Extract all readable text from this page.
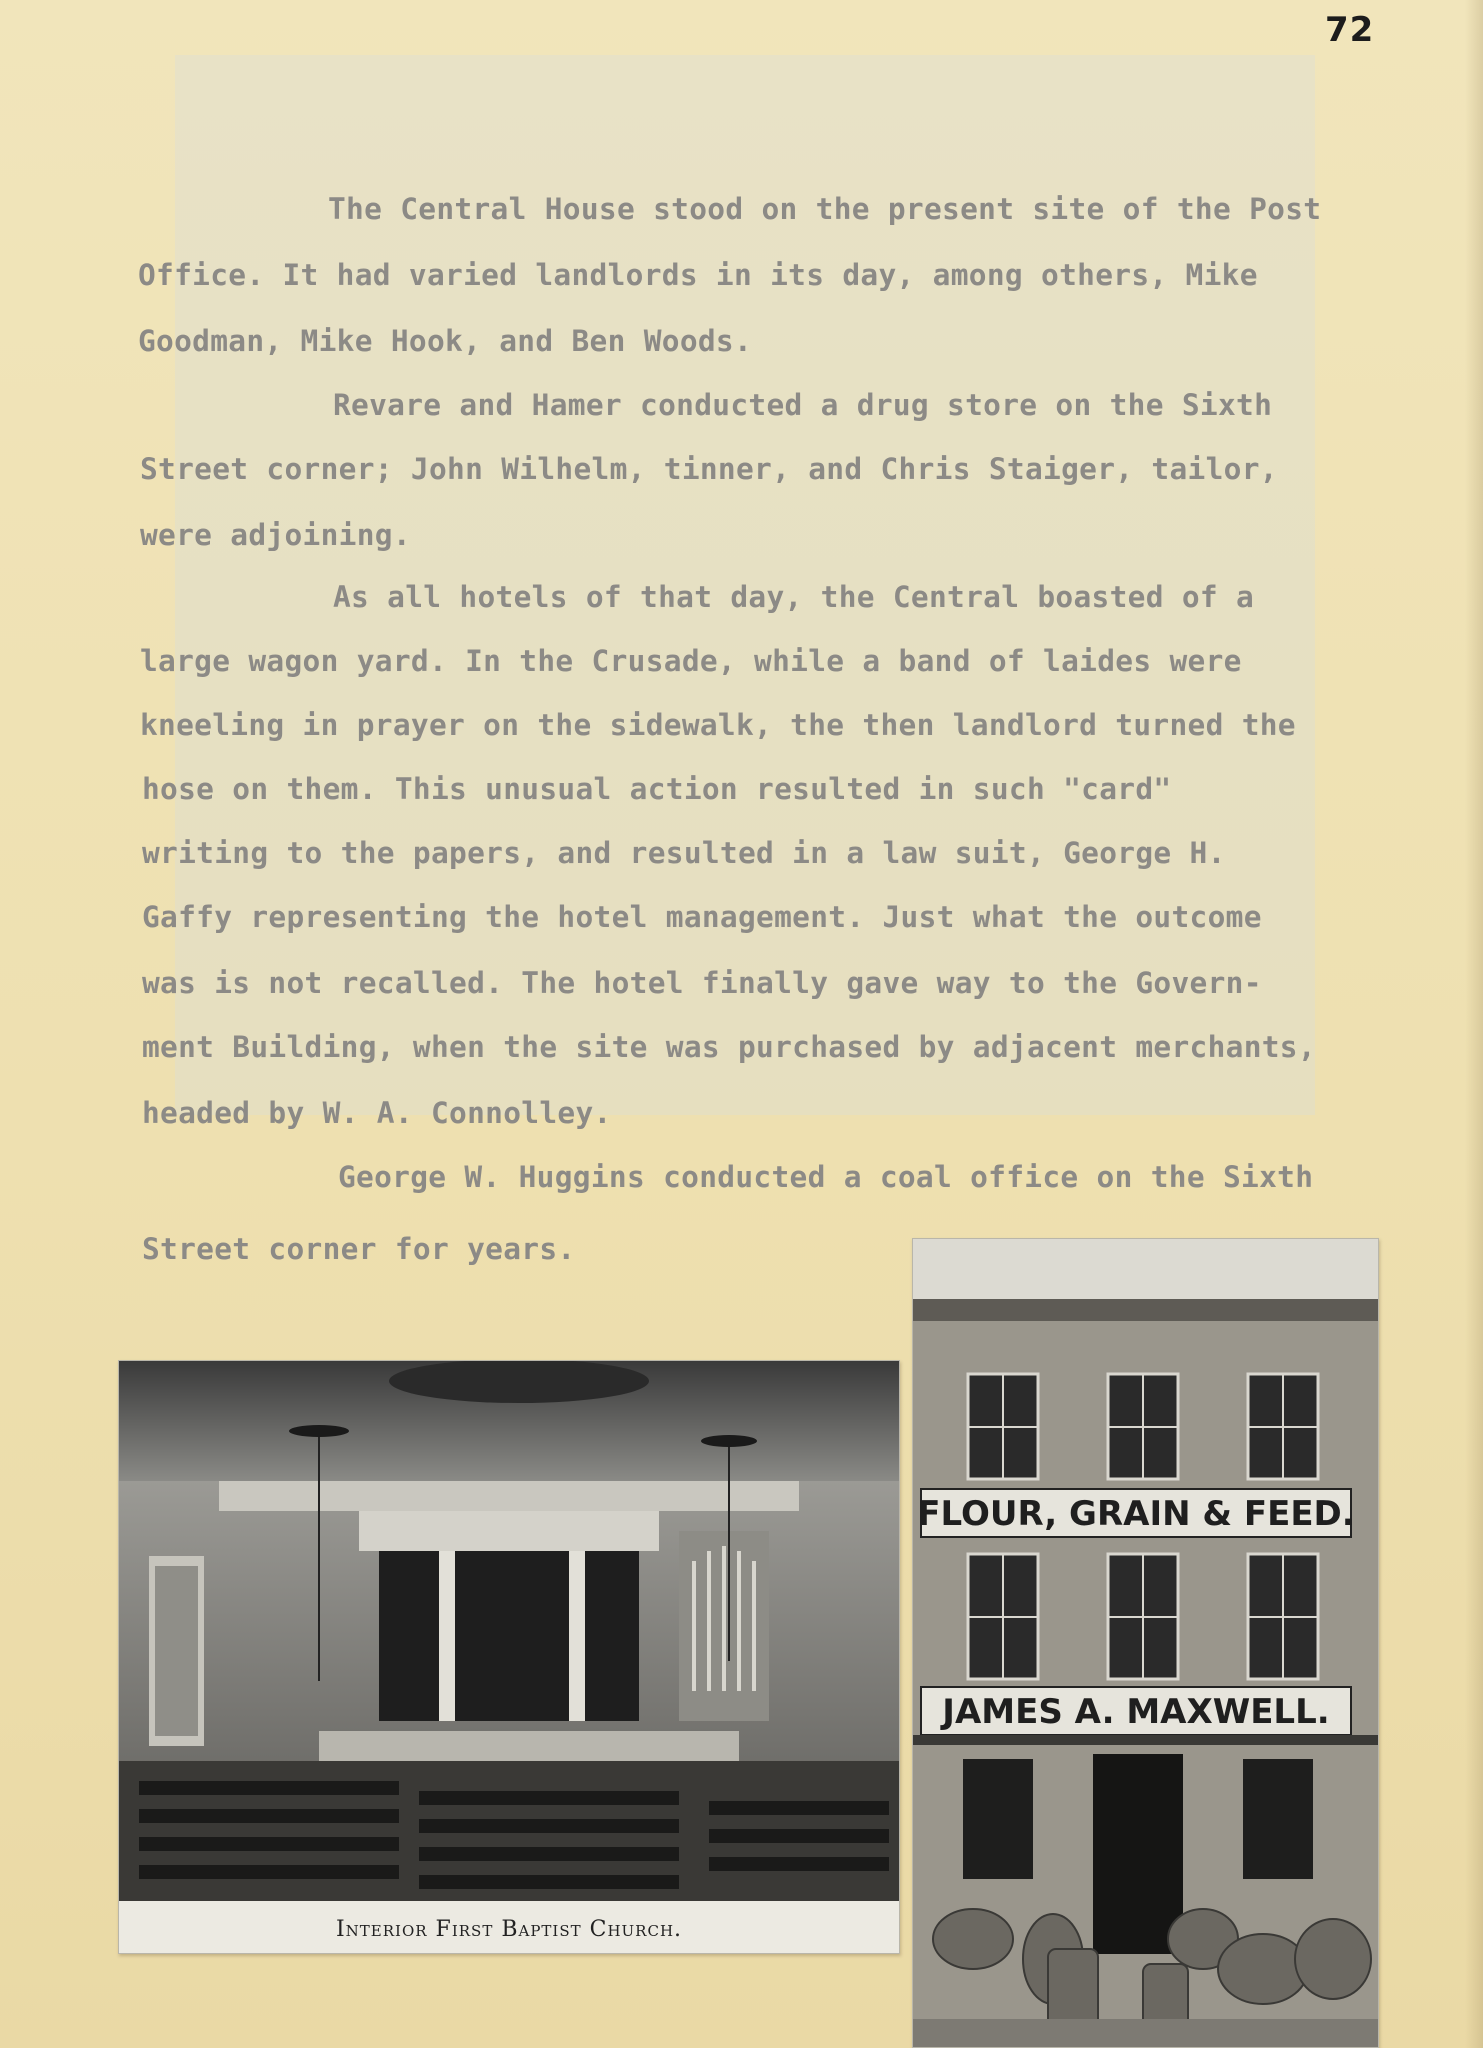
72
The Central House stood on the present site of the Post
Office. It had varied landlords in its day, among others, Mike
Goodman, Mike Hook, and Ben Woods.
Revare and Hamer conducted a drug store on the Sixth
Street corner; John Wilhelm, tinner, and Chris Staiger, tailor,
were adjoining.
As all hotels of that day, the Central boasted of a
large wagon yard. In the Crusade, while a band of laides were
kneeling in prayer on the sidewalk, the then landlord turned the
hose on them. This unusual action resulted in such "card"
writing to the papers, and resulted in a law suit, George H.
Gaffy representing the hotel management. Just what the outcome
was is not recalled. The hotel finally gave way to the Govern-
ment Building, when the site was purchased by adjacent merchants,
headed by W. A. Connolley.
George W. Huggins conducted a coal office on the Sixth
Street corner for years.
Interior First Baptist Church.
FLOUR, GRAIN & FEED.
JAMES A. MAXWELL.
